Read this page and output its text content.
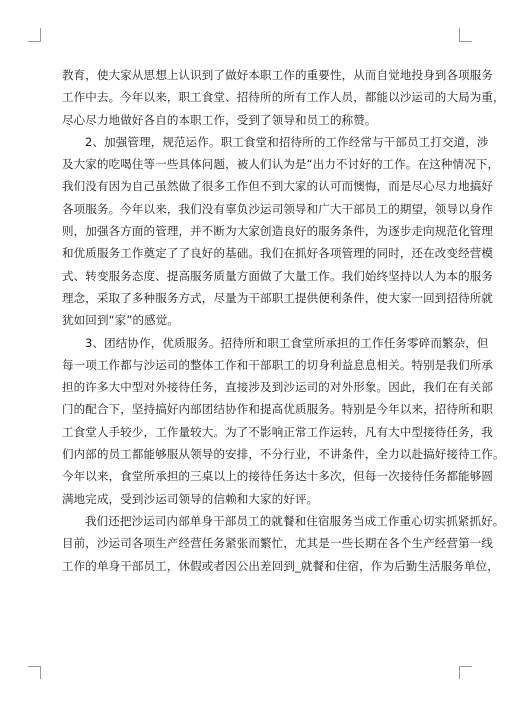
教育，使大家从思想上认识到了做好本职工作的重要性，从而自觉地投身到各项服务
工作中去。今年以来，职工食堂、招待所的所有工作人员，都能以沙运司的大局为重，
尽心尽力地做好各自的本职工作，受到了领导和员工的称赞。
2、加强管理，规范运作。职工食堂和招待所的工作经常与干部员工打交道，涉
及大家的吃喝住等一些具体问题，被人们认为是“出力不讨好的工作。在这种情况下，
我们没有因为自己虽然做了很多工作但不到大家的认可而懊悔，而是尽心尽力地搞好
各项服务。今年以来，我们没有辜负沙运司领导和广大干部员工的期望，领导以身作
则，加强各方面的管理，并不断为大家创造良好的服务条件，为逐步走向规范化管理
和优质服务工作奠定了了良好的基础。我们在抓好各项管理的同时，还在改变经营模
式、转变服务态度、提高服务质量方面做了大量工作。我们始终坚持以人为本的服务
理念，采取了多种服务方式，尽量为干部职工提供便利条件，使大家一回到招待所就
犹如回到“家”的感觉。
3、团结协作，优质服务。招待所和职工食堂所承担的工作任务零碎而繁杂，但
每一项工作都与沙运司的整体工作和干部职工的切身利益息息相关。特别是我们所承
担的许多大中型对外接待任务，直接涉及到沙运司的对外形象。因此，我们在有关部
门的配合下，坚持搞好内部团结协作和提高优质服务。特别是今年以来，招待所和职
工食堂人手较少，工作量较大。为了不影响正常工作运转，凡有大中型接待任务，我
们内部的员工都能够服从领导的安排，不分行业，不讲条件，全力以赴搞好接待工作。
今年以来，食堂所承担的三桌以上的接待任务达十多次，但每一次接待任务都能够圆
满地完成，受到沙运司领导的信赖和大家的好评。
我们还把沙运司内部单身干部员工的就餐和住宿服务当成工作重心切实抓紧抓好。
目前，沙运司各项生产经营任务紧张而繁忙，尤其是一些长期在各个生产经营第一线
工作的单身干部员工，休假或者因公出差回到_就餐和住宿，作为后勤生活服务单位，
